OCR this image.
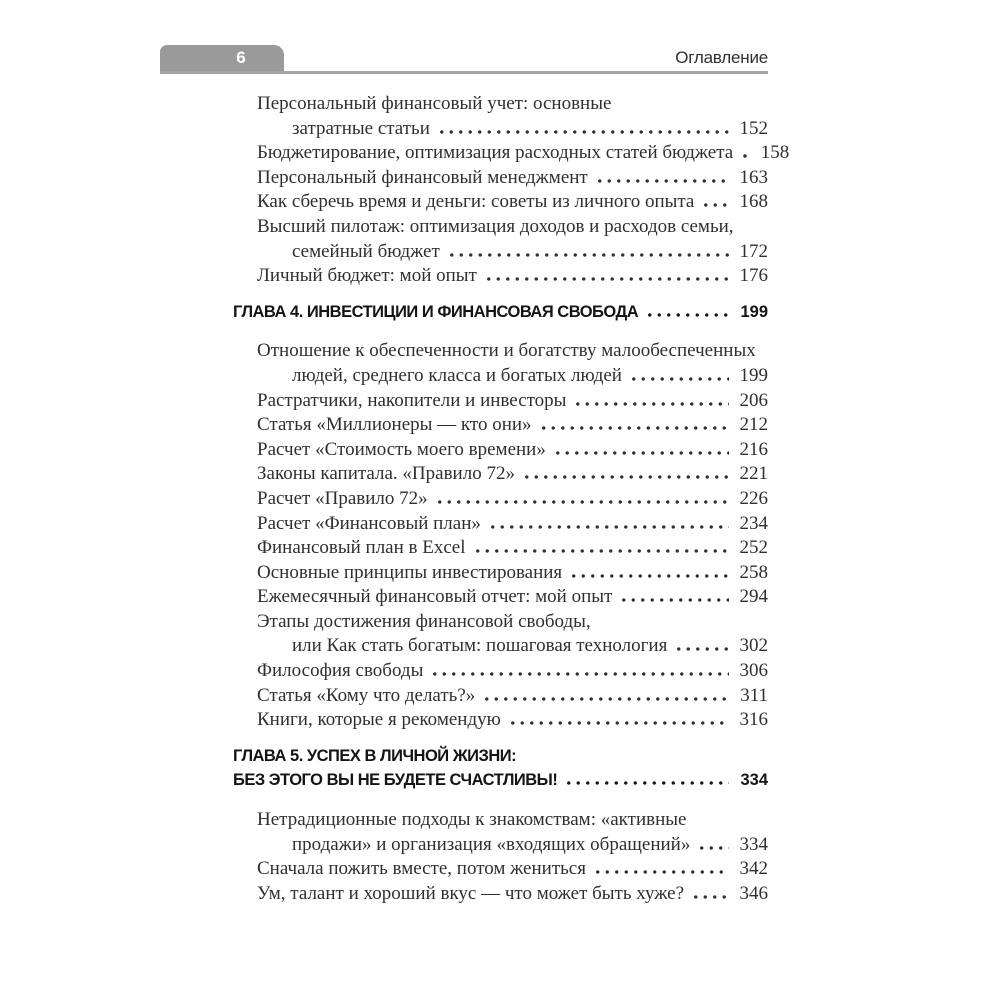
6	Оглавление
Персональный финансовый учет: основные
затратные статьи	152
Бюджетирование, оптимизация расходных статей бюджета 158
Персональный финансовый менеджмент	163
Как сберечь время и деньги: советы из личного опыта 168
Высший пилотаж: оптимизация доходов и расходов семьи,
семейный бюджет	172
Личный бюджет: мой опыт	176
ГЛАВА 4. ИНВЕСТИЦИИ И ФИНАНСОВАЯ СВОБОДА	199
Отношение к обеспеченности и богатству малообеспеченных
людей, среднего класса и богатых людей	199
Растратчики, накопители и инвесторы	206
Статья «Миллионеры — кто они»	212
Расчет «Стоимость моего времени»	216
Законы капитала. «Правило 72»	221
Расчет «Правило 72»	226
Расчет «Финансовый план»	234
Финансовый план в Excel	252
Основные принципы инвестирования	258
Ежемесячный финансовый отчет: мой опыт	294
Этапы достижения финансовой свободы,
или Как стать богатым: пошаговая технология	302
Философия свободы	306
Статья «Кому что делать?»	311
Книги, которые я рекомендую	316
ГЛАВА 5. УСПЕХ В ЛИЧНОЙ ЖИЗНИ:
БЕЗ ЭТОГО ВЫ НЕ БУДЕТЕ СЧАСТЛИВЫ!	334
Нетрадиционные подходы к знакомствам: «активные
продажи» и организация «входящих обращений»	334
Сначала пожить вместе, потом жениться	342
Ум, талант и хороший вкус — что может быть хуже?	346
